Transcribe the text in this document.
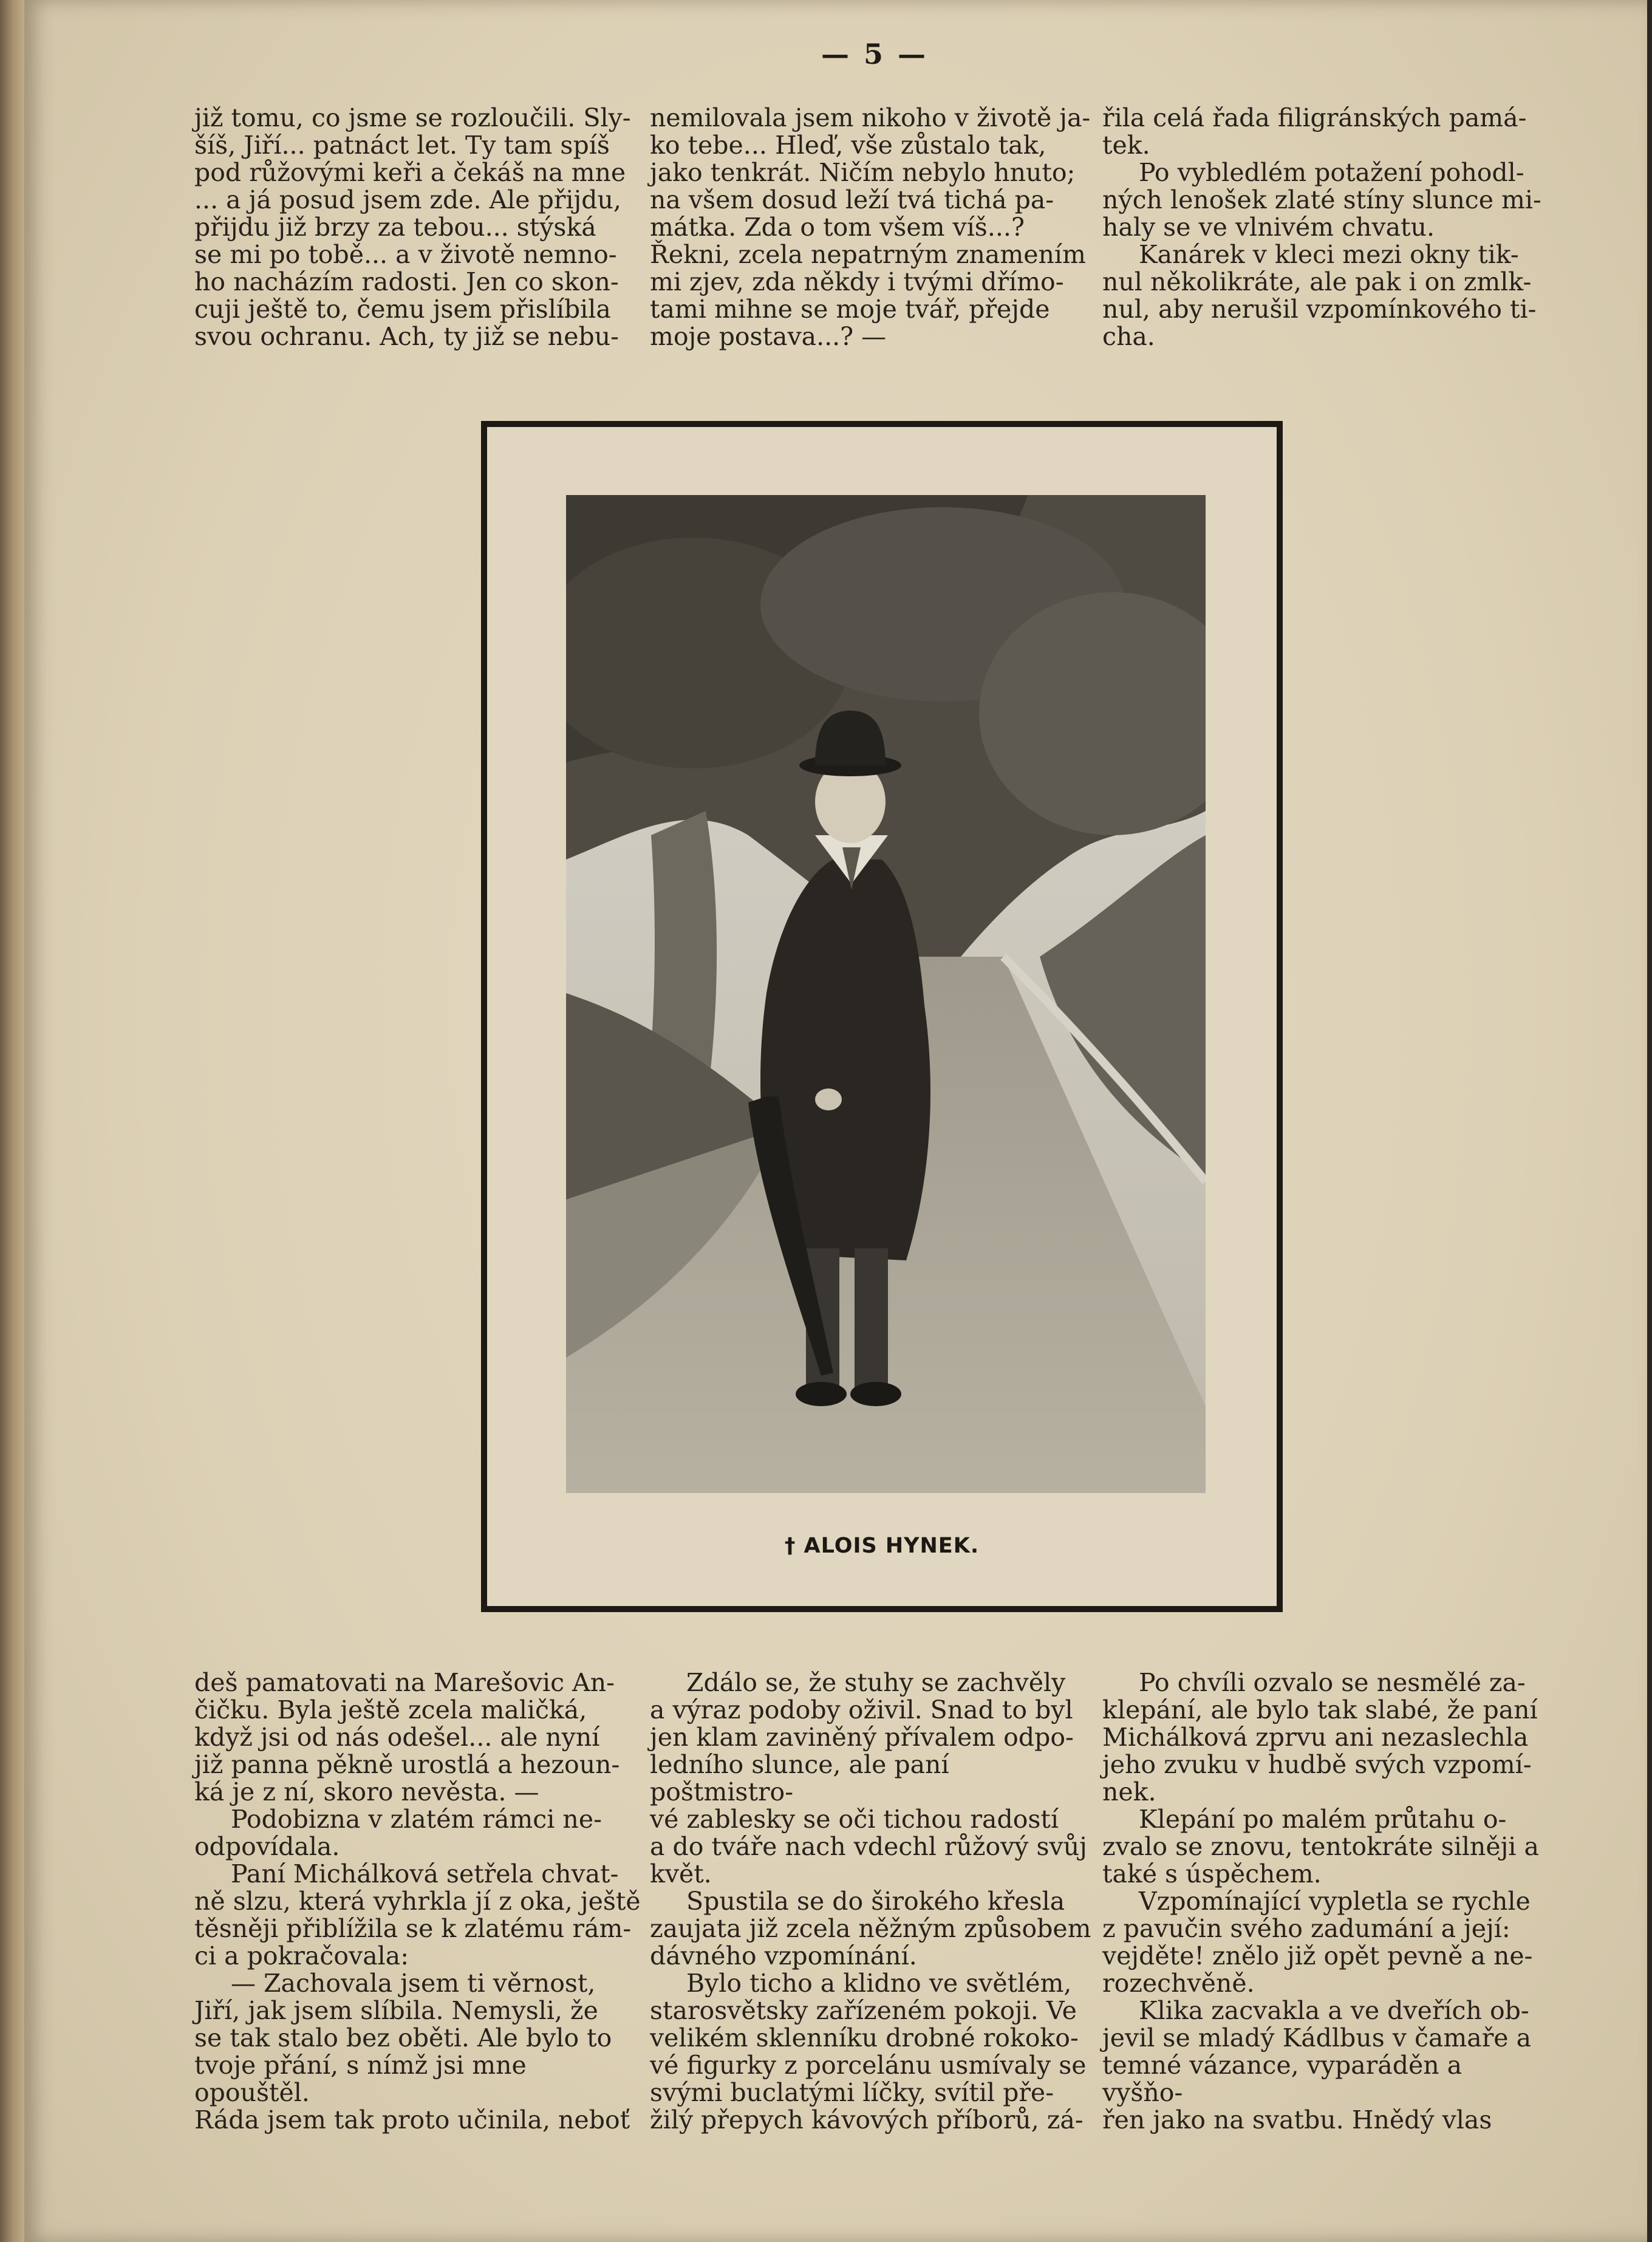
— 5 —

již tomu, co jsme se rozloučili. Sly-

šíš, Jiří... patnáct let. Ty tam spíš

pod růžovými keři a čekáš na mne

... a já posud jsem zde. Ale přijdu,

přijdu již brzy za tebou... stýská

se mi po tobě... a v životě nemno-

ho nacházím radosti. Jen co skon-

cuji ještě to, čemu jsem přislíbila

svou ochranu. Ach, ty již se nebu-

nemilovala jsem nikoho v životě ja-

ko tebe... Hleď, vše zůstalo tak,

jako tenkrát. Ničím nebylo hnuto;

na všem dosud leží tvá tichá pa-

mátka. Zda o tom všem víš...?

Řekni, zcela nepatrným znamením

mi zjev, zda někdy i tvými dřímo-

tami mihne se moje tvář, přejde

moje postava...? —

řila celá řada filigránských pamá-

tek.

Po vybledlém potažení pohodl-

ných lenošek zlaté stíny slunce mi-

haly se ve vlnivém chvatu.

Kanárek v kleci mezi okny tik-

nul několikráte, ale pak i on zmlk-

nul, aby nerušil vzpomínkového ti-

cha.

† ALOIS HYNEK.

deš pamatovati na Marešovic An-

čičku. Byla ještě zcela maličká,

když jsi od nás odešel... ale nyní

již panna pěkně urostlá a hezoun-

ká je z ní, skoro nevěsta. —

Podobizna v zlatém rámci ne-

odpovídala.

Paní Michálková setřela chvat-

ně slzu, která vyhrkla jí z oka, ještě

těsněji přiblížila se k zlatému rám-

ci a pokračovala:

— Zachovala jsem ti věrnost,

Jiří, jak jsem slíbila. Nemysli, že

se tak stalo bez oběti. Ale bylo to

tvoje přání, s nímž jsi mne opouštěl.

Ráda jsem tak proto učinila, neboť

Zdálo se, že stuhy se zachvěly

a výraz podoby oživil. Snad to byl

jen klam zaviněný přívalem odpo-

ledního slunce, ale paní poštmistro-

vé zablesky se oči tichou radostí

a do tváře nach vdechl růžový svůj

květ.

Spustila se do širokého křesla

zaujata již zcela něžným způsobem

dávného vzpomínání.

Bylo ticho a klidno ve světlém,

starosvětsky zařízeném pokoji. Ve

velikém sklenníku drobné rokoko-

vé figurky z porcelánu usmívaly se

svými buclatými líčky, svítil pře-

žilý přepych kávových příborů, zá-

Po chvíli ozvalo se nesmělé za-

klepání, ale bylo tak slabé, že paní

Michálková zprvu ani nezaslechla

jeho zvuku v hudbě svých vzpomí-

nek.

Klepání po malém průtahu o-

zvalo se znovu, tentokráte silněji a

také s úspěchem.

Vzpomínající vypletla se rychle

z pavučin svého zadumání a její:

vejděte! znělo již opět pevně a ne-

rozechvěně.

Klika zacvakla a ve dveřích ob-

jevil se mladý Kádlbus v čamaře a

temné vázance, vyparáděn a vyšňo-

řen jako na svatbu. Hnědý vlas
